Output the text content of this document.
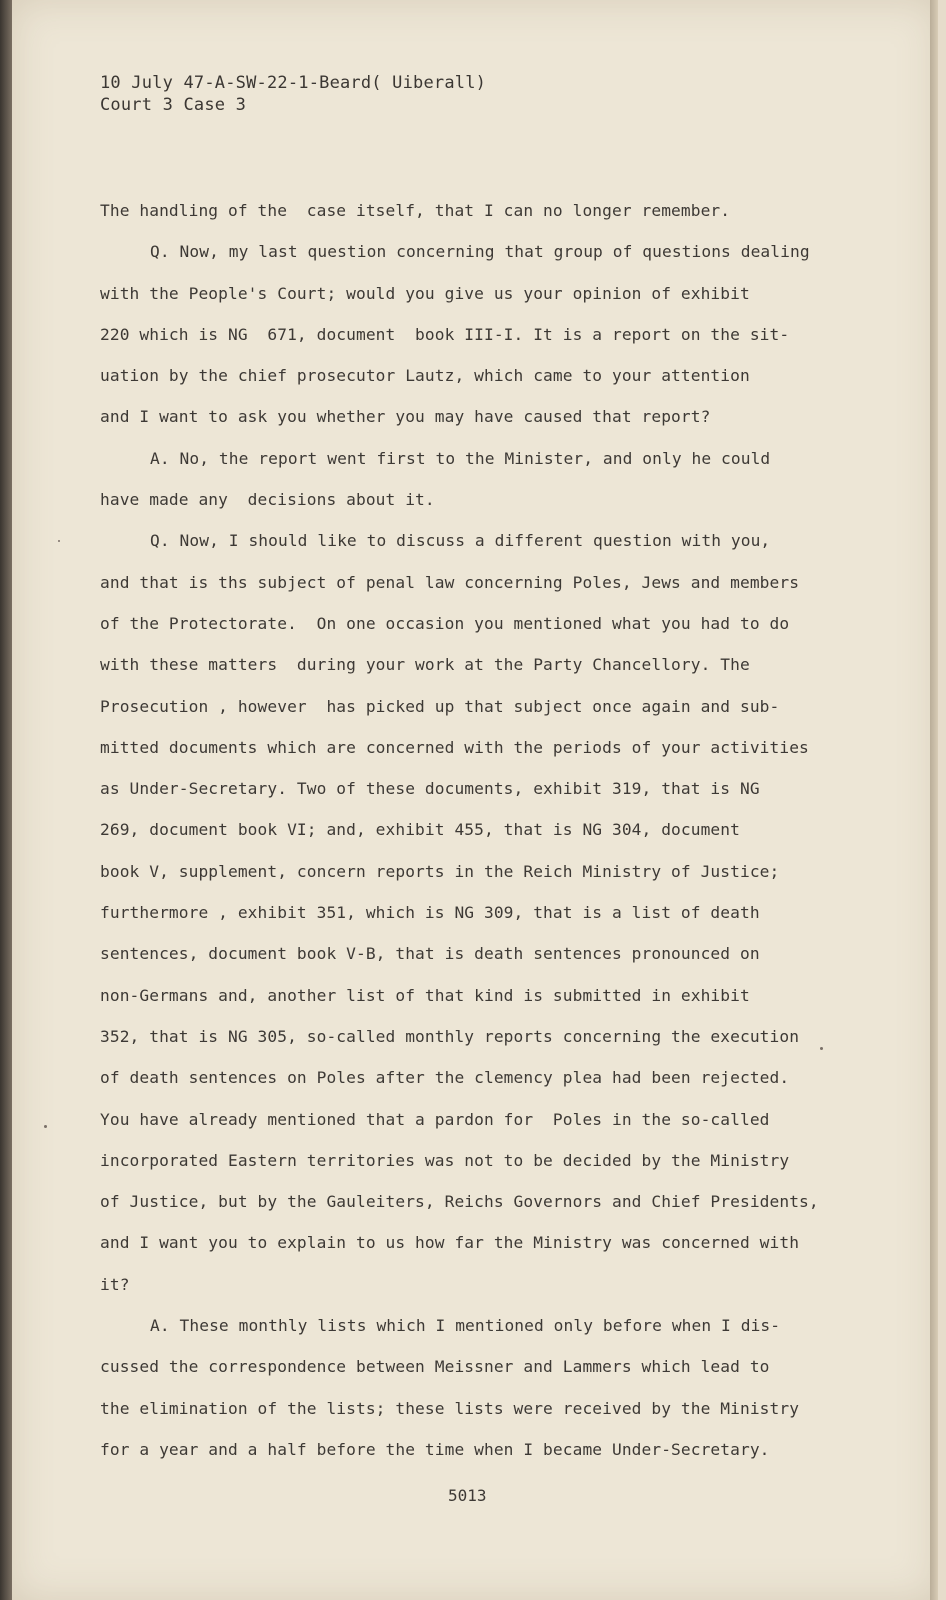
10 July 47-A-SW-22-1-Beard( Uiberall)
Court 3 Case 3
The handling of the  case itself, that I can no longer remember.
Q. Now, my last question concerning that group of questions dealing
with the People's Court; would you give us your opinion of exhibit
220 which is NG  671, document  book III-I. It is a report on the sit-
uation by the chief prosecutor Lautz, which came to your attention
and I want to ask you whether you may have caused that report?
A. No, the report went first to the Minister, and only he could
have made any  decisions about it.
Q. Now, I should like to discuss a different question with you,
and that is ths subject of penal law concerning Poles, Jews and members
of the Protectorate.  On one occasion you mentioned what you had to do
with these matters  during your work at the Party Chancellory. The
Prosecution , however  has picked up that subject once again and sub-
mitted documents which are concerned with the periods of your activities
as Under-Secretary. Two of these documents, exhibit 319, that is NG
269, document book VI; and, exhibit 455, that is NG 304, document
book V, supplement, concern reports in the Reich Ministry of Justice;
furthermore , exhibit 351, which is NG 309, that is a list of death
sentences, document book V-B, that is death sentences pronounced on
non-Germans and, another list of that kind is submitted in exhibit
352, that is NG 305, so-called monthly reports concerning the execution
of death sentences on Poles after the clemency plea had been rejected.
You have already mentioned that a pardon for  Poles in the so-called
incorporated Eastern territories was not to be decided by the Ministry
of Justice, but by the Gauleiters, Reichs Governors and Chief Presidents,
and I want you to explain to us how far the Ministry was concerned with
it?
A. These monthly lists which I mentioned only before when I dis-
cussed the correspondence between Meissner and Lammers which lead to
the elimination of the lists; these lists were received by the Ministry
for a year and a half before the time when I became Under-Secretary.
5013
